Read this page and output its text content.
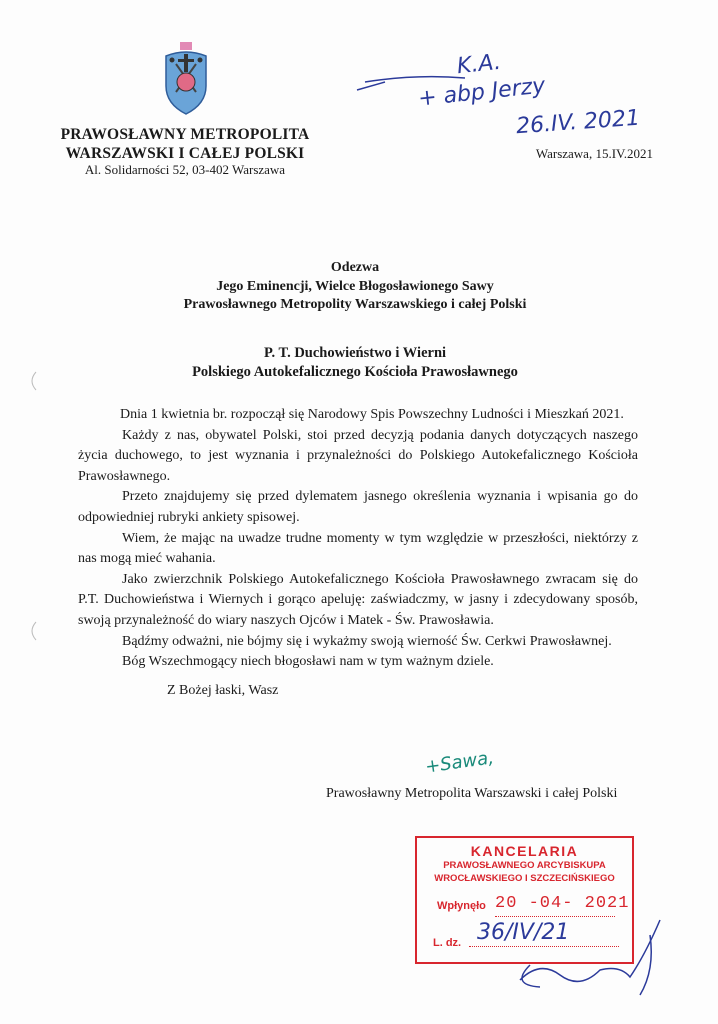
PRAWOSŁAWNY METROPOLITA
WARSZAWSKI I CAŁEJ POLSKI
Al. Solidarności 52, 03-402 Warszawa
K.A.
+ abp Jerzy
26.IV. 2021
Warszawa, 15.IV.2021
Odezwa
Jego Eminencji, Wielce Błogosławionego Sawy
Prawosławnego Metropolity Warszawskiego i całej Polski
P. T. Duchowieństwo i Wierni
Polskiego Autokefalicznego Kościoła Prawosławnego

Dnia 1 kwietnia br. rozpoczął się Narodowy Spis Powszechny Ludności i Mieszkań 2021.

Każdy z nas, obywatel Polski, stoi przed decyzją podania danych dotyczących naszego życia duchowego, to jest wyznania i przynależności do Polskiego Autokefalicznego Kościoła Prawosławnego.

Przeto znajdujemy się przed dylematem jasnego określenia wyznania i wpisania go do odpowiedniej rubryki ankiety spisowej.

Wiem, że mając na uwadze trudne momenty w tym względzie w przeszłości, niektórzy z nas mogą mieć wahania.

Jako zwierzchnik Polskiego Autokefalicznego Kościoła Prawosławnego zwracam się do P.T. Duchowieństwa i Wiernych i gorąco apeluję: zaświadczmy, w jasny i zdecydowany sposób, swoją przynależność do wiary naszych Ojców i Matek - Św. Prawosławia.

Bądźmy odważni, nie bójmy się i wykażmy swoją wierność Św. Cerkwi Prawosławnej.

Bóg Wszechmogący niech błogosławi nam w tym ważnym dziele.

Z Bożej łaski, Wasz
+Sawa,
Prawosławny Metropolita Warszawski i całej Polski
KANCELARIA
PRAWOSŁAWNEGO ARCYBISKUPA
WROCŁAWSKIEGO I SZCZECIŃSKIEGO
Wpłynęło 20 -04- 2021
L. dz. 36/IV/21
